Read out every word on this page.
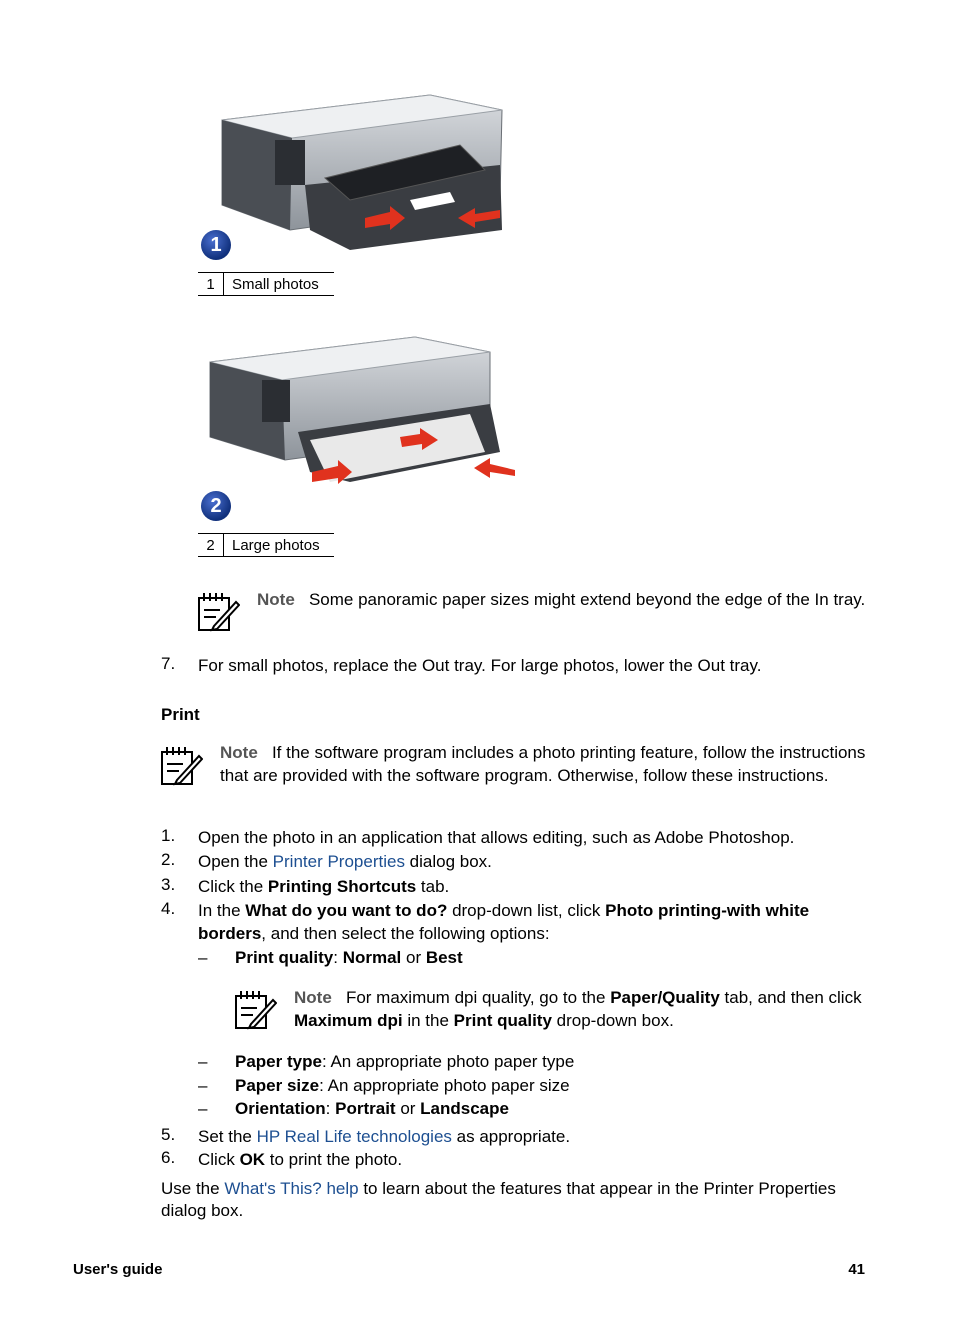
1
1	Small photos
2
2	Large photos
Note Some panoramic paper sizes might extend beyond the edge of the In tray.
7. For small photos, replace the Out tray. For large photos, lower the Out tray.
Print
Note If the software program includes a photo printing feature, follow the instructions that are provided with the software program. Otherwise, follow these instructions.
1. Open the photo in an application that allows editing, such as Adobe Photoshop.
2. Open the Printer Properties dialog box.
3. Click the Printing Shortcuts tab.
4. In the What do you want to do? drop-down list, click Photo printing-with white borders, and then select the following options:
– Print quality: Normal or Best
Note For maximum dpi quality, go to the Paper/Quality tab, and then click Maximum dpi in the Print quality drop-down box.
– Paper type: An appropriate photo paper type
– Paper size: An appropriate photo paper size
– Orientation: Portrait or Landscape
5. Set the HP Real Life technologies as appropriate.
6. Click OK to print the photo.
Use the What's This? help to learn about the features that appear in the Printer Properties dialog box.
User's guide	41
